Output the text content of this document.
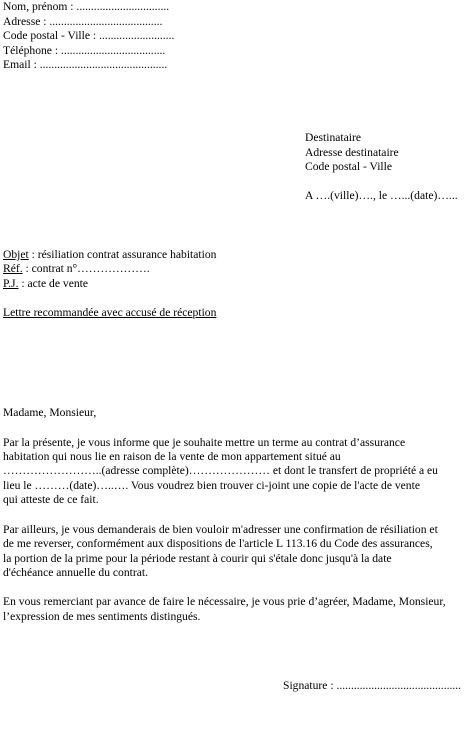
Nom, prénom : ................................
Adresse : .......................................
Code postal - Ville : ..........................
Téléphone : ....................................
Email : ............................................
Destinataire
Adresse destinataire
Code postal - Ville
A ….(ville)…., le …...(date)…...
Objet : résiliation contrat assurance habitation
Réf. : contrat n°……………….
P.J. : acte de vente
Lettre recommandée avec accusé de réception
Madame, Monsieur,
Par la présente, je vous informe que je souhaite mettre un terme au contrat d’assurance
habitation qui nous lie en raison de la vente de mon appartement situé au
……………………..(adresse complète)………………… et dont le transfert de propriété a eu
lieu le ………(date)…..…. Vous voudrez bien trouver ci-joint une copie de l'acte de vente
qui atteste de ce fait.
Par ailleurs, je vous demanderais de bien vouloir m'adresser une confirmation de résiliation et
de me reverser, conformément aux dispositions de l'article L 113.16 du Code des assurances,
la portion de la prime pour la période restant à courir qui s'étale donc jusqu'à la date
d'échéance annuelle du contrat.
En vous remerciant par avance de faire le nécessaire, je vous prie d’agréer, Madame, Monsieur,
l’expression de mes sentiments distingués.
Signature : ...........................................
